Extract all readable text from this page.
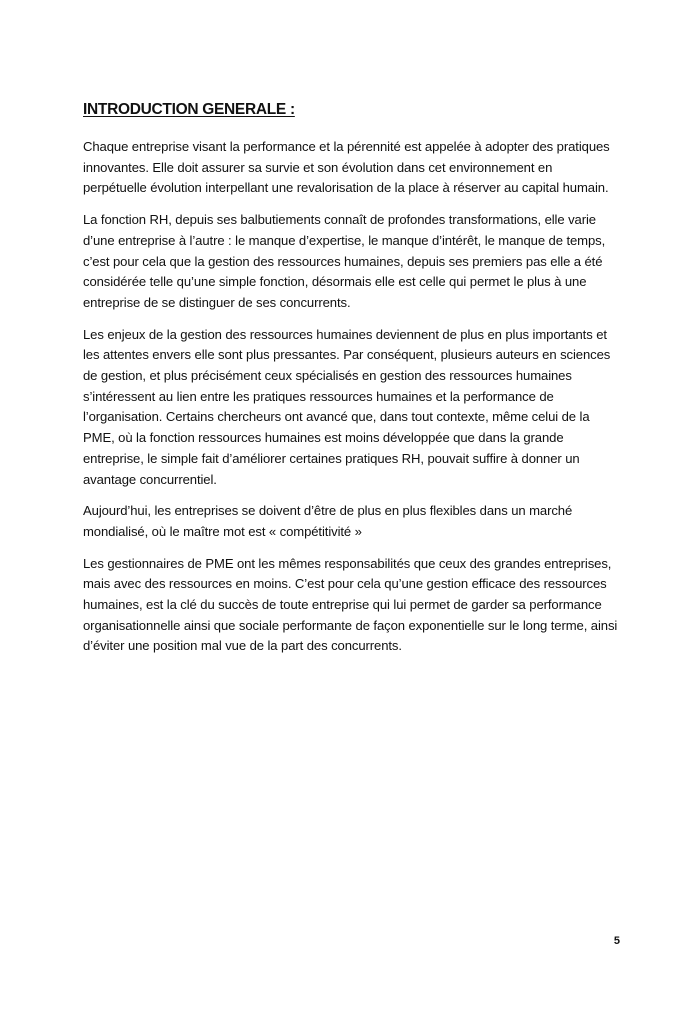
INTRODUCTION GENERALE :

Chaque entreprise visant la performance et la pérennité est appelée à adopter des pratiques innovantes. Elle doit assurer sa survie et son évolution dans cet environnement en perpétuelle évolution interpellant une revalorisation de la place à réserver au capital humain.

La fonction RH, depuis ses balbutiements connaît de profondes transformations, elle varie d’une entreprise à l’autre : le manque d’expertise, le manque d’intérêt, le manque de temps, c’est pour cela que la gestion des ressources humaines, depuis ses premiers pas elle a été considérée telle qu’une simple fonction, désormais elle est celle qui permet le plus à une entreprise de se distinguer de ses concurrents.

Les enjeux de la gestion des ressources humaines deviennent de plus en plus importants et les attentes envers elle sont plus pressantes. Par conséquent, plusieurs auteurs en sciences de gestion, et plus précisément ceux spécialisés en gestion des ressources humaines s’intéressent au lien entre les pratiques ressources humaines et la performance de l’organisation. Certains chercheurs ont avancé que, dans tout contexte, même celui de la PME, où la fonction ressources humaines est moins développée que dans la grande entreprise, le simple fait d’améliorer certaines pratiques RH, pouvait suffire à donner un avantage concurrentiel.

Aujourd’hui, les entreprises se doivent d’être de plus en plus flexibles dans un marché mondialisé, où le maître mot est « compétitivité »

Les gestionnaires de PME ont les mêmes responsabilités que ceux des grandes entreprises, mais avec des ressources en moins. C’est pour cela qu’une gestion efficace des ressources humaines, est la clé du succès de toute entreprise qui lui permet de garder sa performance organisationnelle ainsi que sociale performante de façon exponentielle sur le long terme, ainsi d’éviter une position mal vue de la part des concurrents.

5
